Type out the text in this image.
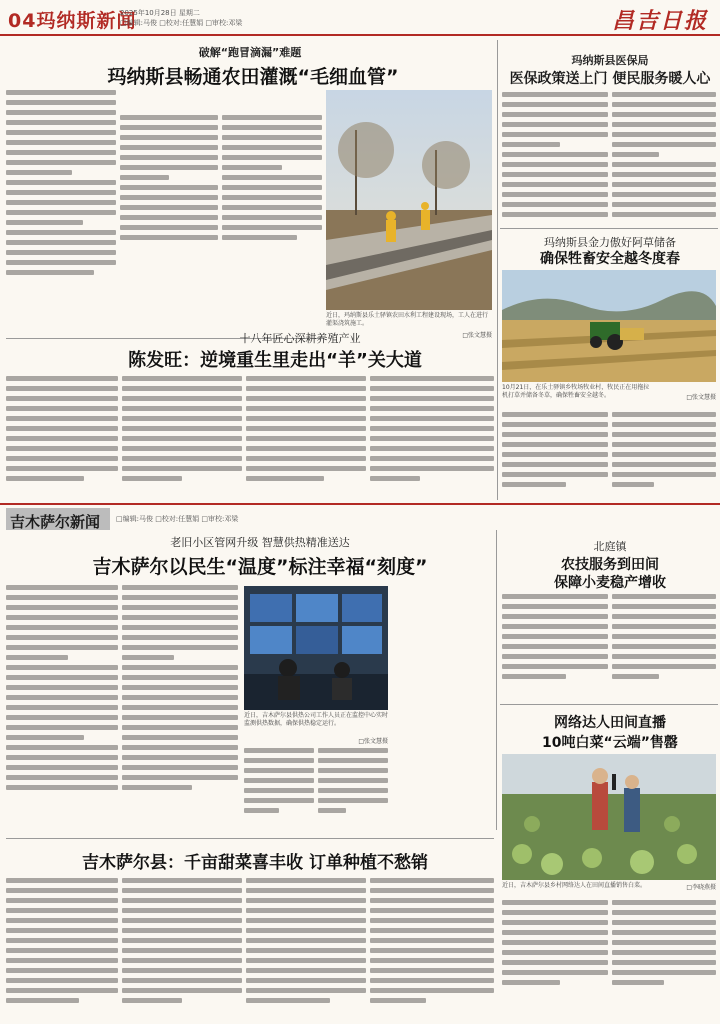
04玛纳斯新闻
2025年10月28日 星期二
□编辑:马俊 □校对:任慧娟 □审校:邓梁	昌吉日报
破解“跑冒滴漏”难题
玛纳斯县畅通农田灌溉“毛细血管”
近日，玛纳斯县乐土驿镇农田水利工程建设现场，工人在进行灌渠浇筑施工。
□张文慧摄
玛纳斯县医保局
医保政策送上门 便民服务暖人心
玛纳斯县金力傲好阿草储备
确保牲畜安全越冬度春
10月21日，在乐土驿镇乡牧场牧业村，牧民正在用拖拉机打草并储备冬草，确保牲畜安全越冬。	□张文慧摄
十八年匠心深耕养殖产业
陈发旺：逆境重生里走出“羊”关大道
吉木萨尔新闻 □编辑:马俊 □校对:任慧娟 □审校:邓梁
老旧小区管网升级 智慧供热精准送达
吉木萨尔以民生“温度”标注幸福“刻度”
近日，吉木萨尔县供热公司工作人员正在监控中心实时监测供热数据，确保供热稳定运行。
□张文慧摄
北庭镇
农技服务到田间
保障小麦稳产增收
网络达人田间直播
10吨白菜“云端”售罄
近日，吉木萨尔县乡村网络达人在田间直播销售白菜。	□李晓燕摄
吉木萨尔县：千亩甜菜喜丰收 订单种植不愁销
